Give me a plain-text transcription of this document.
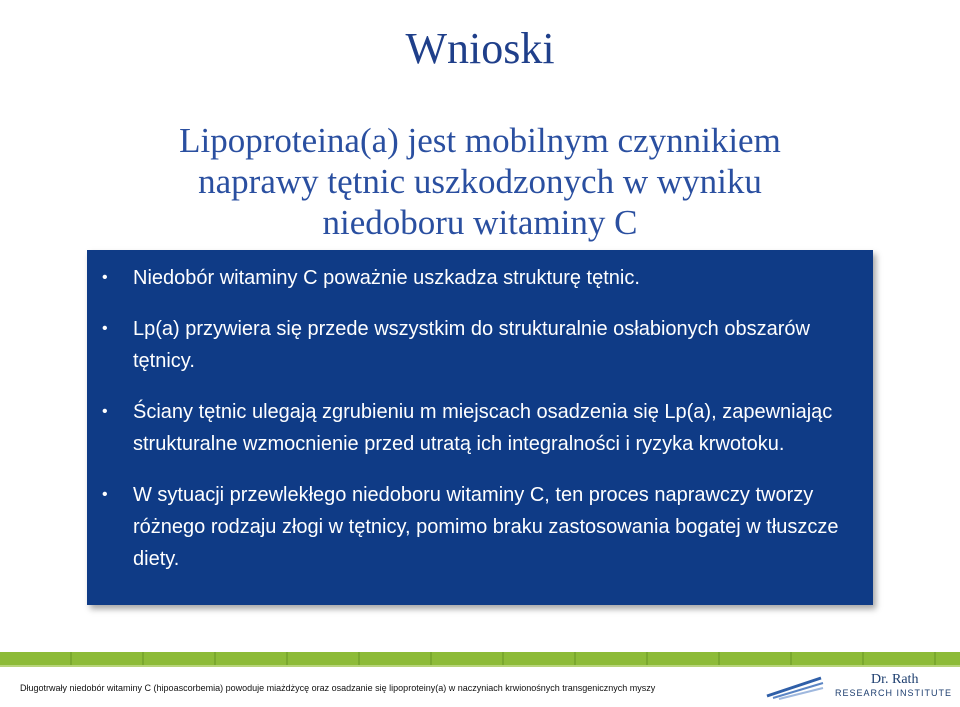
Wnioski
Lipoproteina(a) jest mobilnym czynnikiem
naprawy tętnic uszkodzonych w wyniku
niedoboru witaminy C
• Niedobór witaminy C poważnie uszkadza strukturę tętnic.
• Lp(a) przywiera się przede wszystkim do strukturalnie osłabionych obszarów tętnicy.
• Ściany tętnic ulegają zgrubieniu m miejscach osadzenia się Lp(a), zapewniając strukturalne wzmocnienie przed utratą ich integralności i ryzyka krwotoku.
• W sytuacji przewlekłego niedoboru witaminy C, ten proces naprawczy tworzy różnego rodzaju złogi w tętnicy, pomimo braku zastosowania bogatej w tłuszcze diety.
Długotrwały niedobór witaminy C (hipoascorbemia) powoduje miażdżycę oraz osadzanie się lipoproteiny(a) w naczyniach krwionośnych transgenicznych myszy
Dr. Rath
RESEARCH INSTITUTE
